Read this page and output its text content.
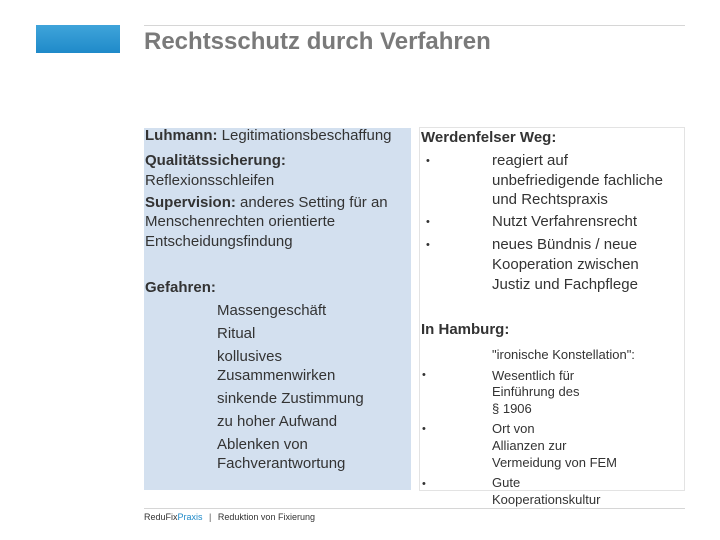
Rechtsschutz durch Verfahren
Luhmann: Legitimationsbeschaffung
Qualitätssicherung:
Reflexionsschleifen
Supervision: anderes Setting für an
Menschenrechten orientierte
Entscheidungsfindung
Gefahren:
Massengeschäft
Ritual
kollusives
Zusammenwirken
sinkende Zustimmung
zu hoher Aufwand
Ablenken von
Fachverantwortung
Werdenfelser Weg:
•	reagiert auf
unbefriedigende fachliche
und Rechtspraxis
•	Nutzt Verfahrensrecht
•	neues Bündnis / neue
Kooperation zwischen
Justiz und Fachpflege
In Hamburg:
"ironische Konstellation":
•	Wesentlich für
Einführung des
§ 1906
•	Ort von
Allianzen zur
Vermeidung von FEM
•	Gute
Kooperationskultur
ReduFixPraxis | Reduktion von Fixierung
